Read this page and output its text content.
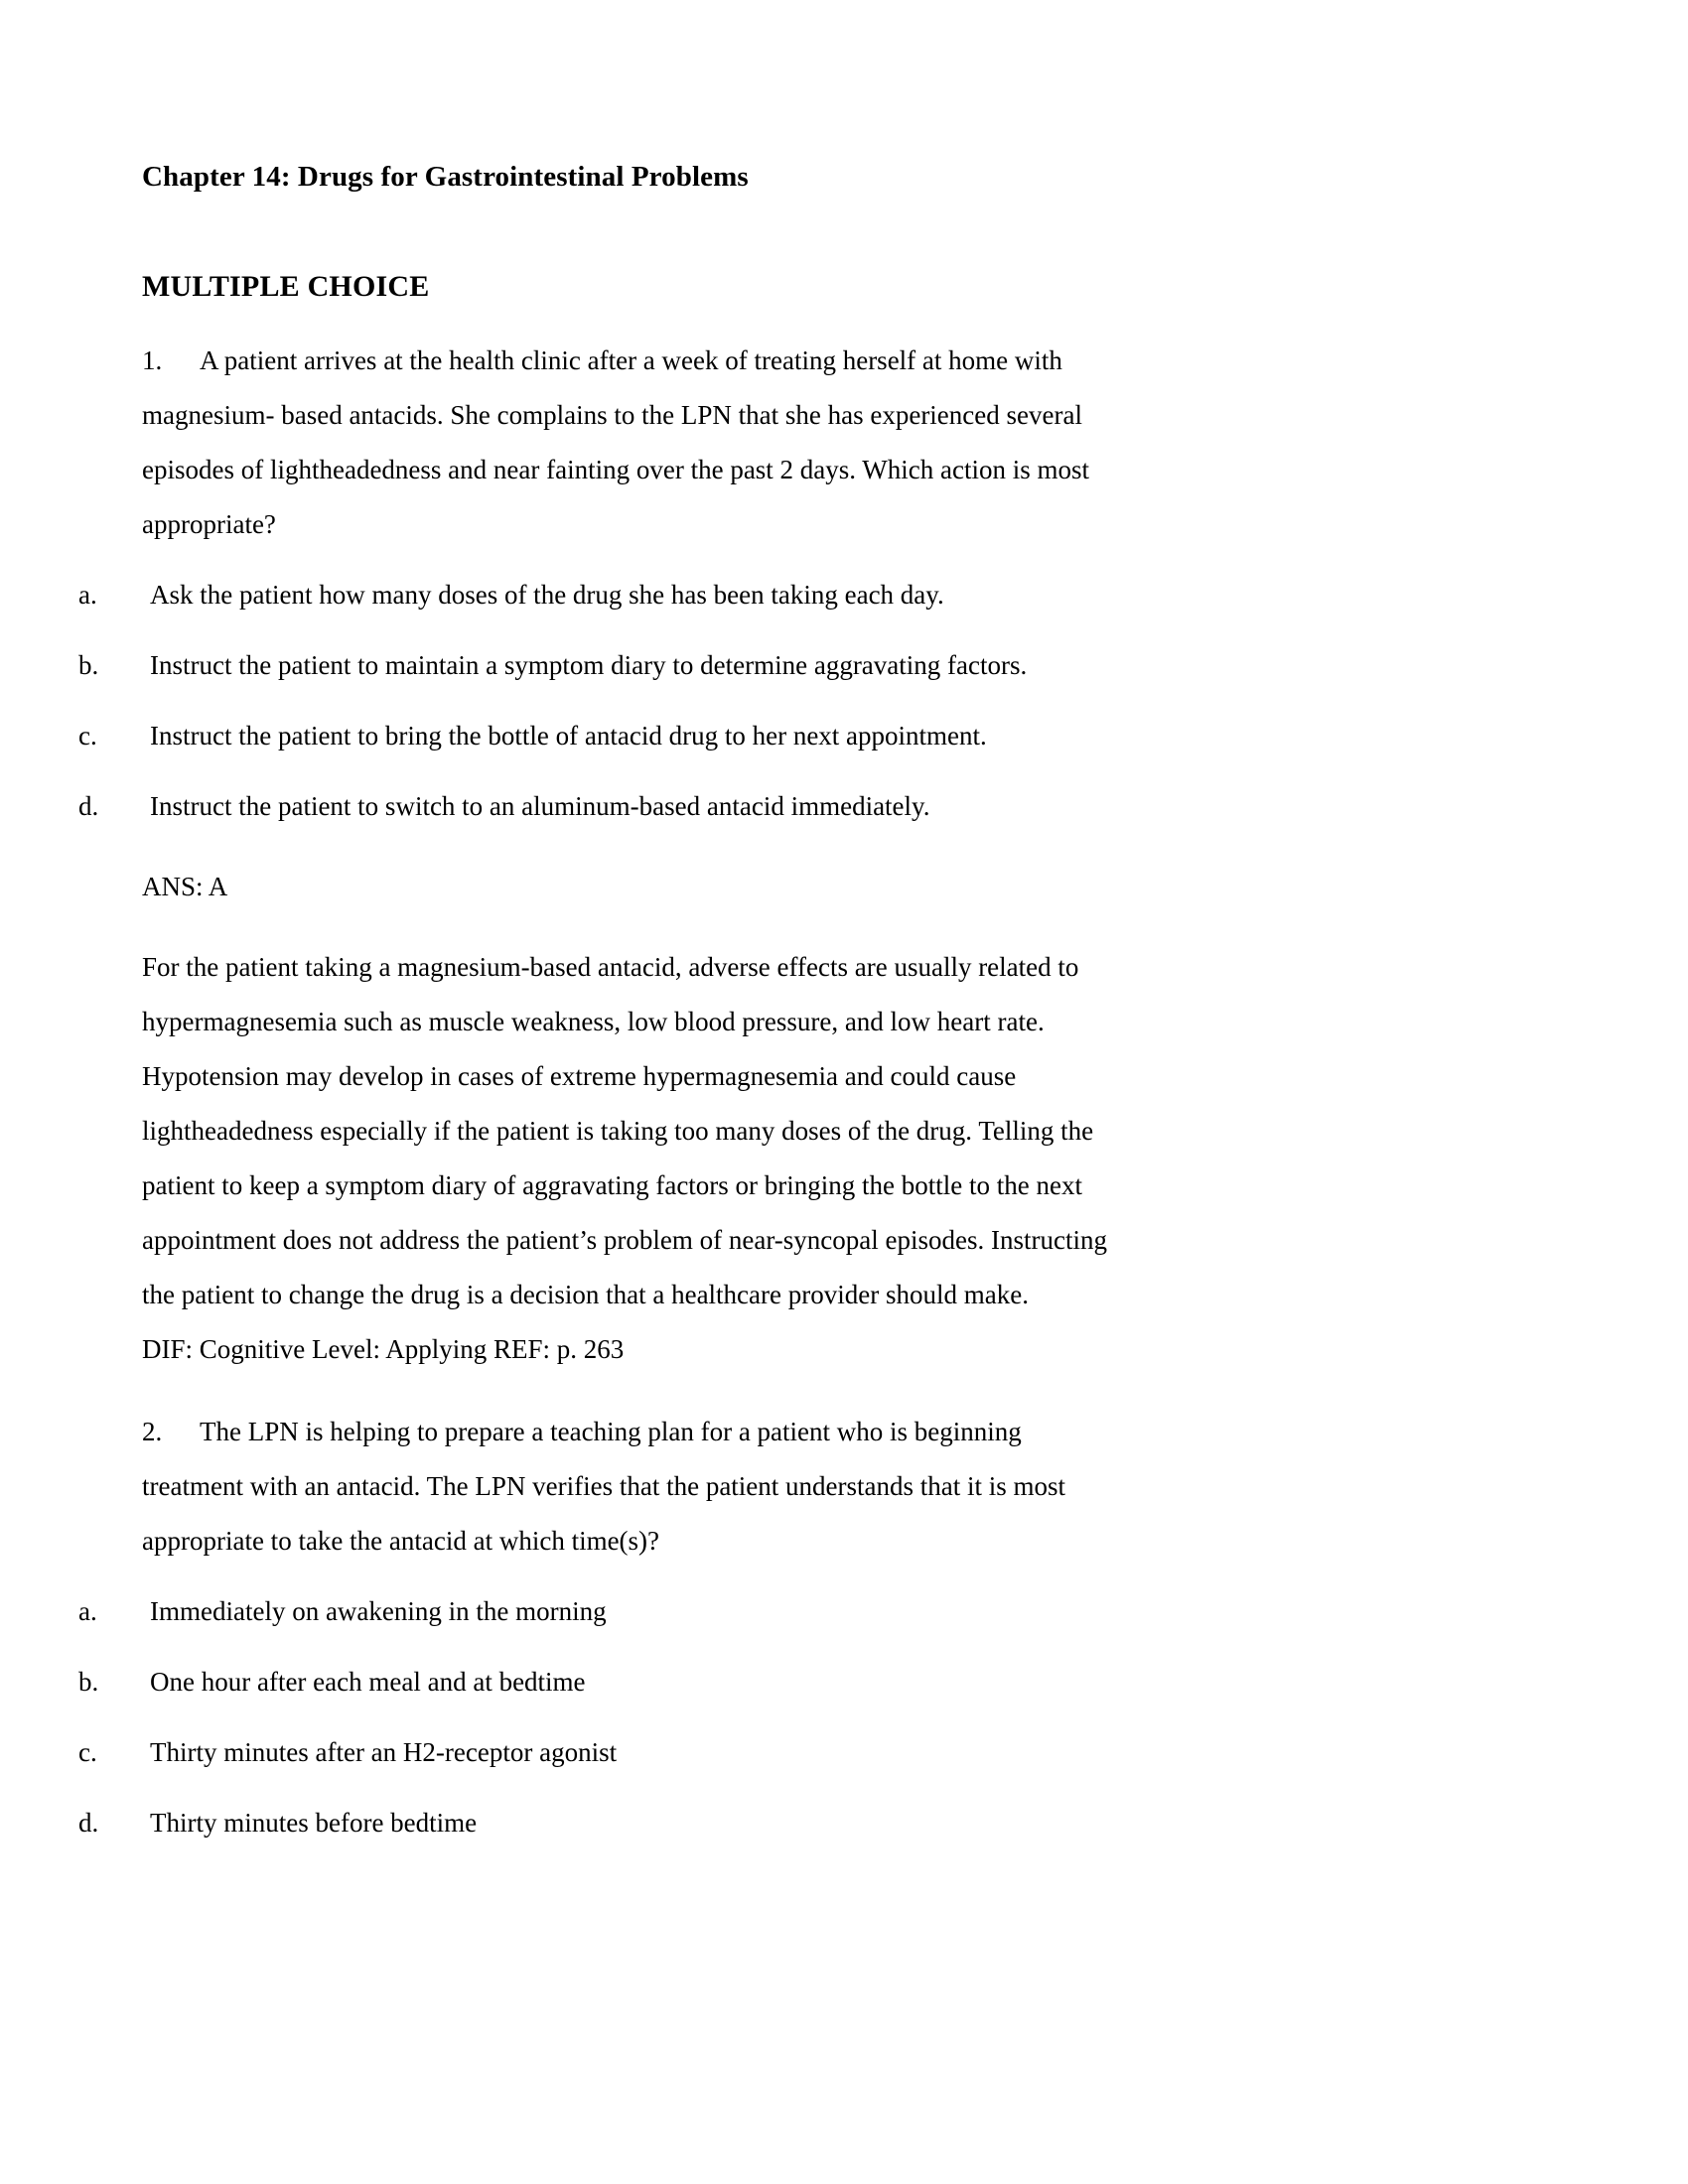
Chapter 14: Drugs for Gastrointestinal Problems
MULTIPLE CHOICE
1. A patient arrives at the health clinic after a week of treating herself at home with magnesium- based antacids. She complains to the LPN that she has experienced several episodes of lightheadedness and near fainting over the past 2 days. Which action is most appropriate?
a. Ask the patient how many doses of the drug she has been taking each day.
b. Instruct the patient to maintain a symptom diary to determine aggravating factors.
c. Instruct the patient to bring the bottle of antacid drug to her next appointment.
d. Instruct the patient to switch to an aluminum-based antacid immediately.
ANS: A
For the patient taking a magnesium-based antacid, adverse effects are usually related to hypermagnesemia such as muscle weakness, low blood pressure, and low heart rate. Hypotension may develop in cases of extreme hypermagnesemia and could cause lightheadedness especially if the patient is taking too many doses of the drug. Telling the patient to keep a symptom diary of aggravating factors or bringing the bottle to the next appointment does not address the patient’s problem of near-syncopal episodes. Instructing the patient to change the drug is a decision that a healthcare provider should make.
DIF: Cognitive Level: Applying REF: p. 263
2. The LPN is helping to prepare a teaching plan for a patient who is beginning treatment with an antacid. The LPN verifies that the patient understands that it is most appropriate to take the antacid at which time(s)?
a. Immediately on awakening in the morning
b. One hour after each meal and at bedtime
c. Thirty minutes after an H2-receptor agonist
d. Thirty minutes before bedtime
